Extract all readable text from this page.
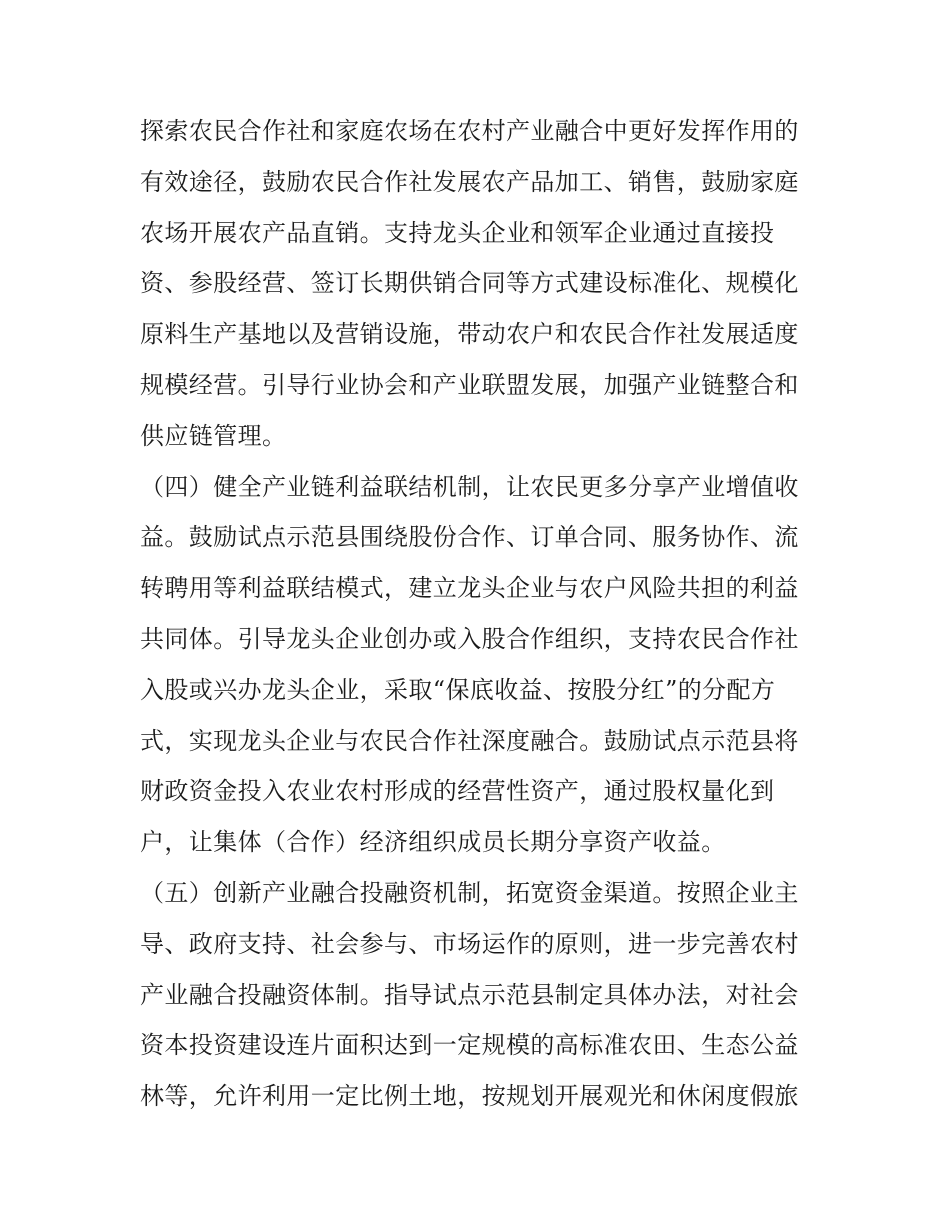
探索农民合作社和家庭农场在农村产业融合中更好发挥作用的
有效途径，鼓励农民合作社发展农产品加工、销售，鼓励家庭
农场开展农产品直销。支持龙头企业和领军企业通过直接投
资、参股经营、签订长期供销合同等方式建设标准化、规模化
原料生产基地以及营销设施，带动农户和农民合作社发展适度
规模经营。引导行业协会和产业联盟发展，加强产业链整合和
供应链管理。
（四）健全产业链利益联结机制，让农民更多分享产业增值收
益。鼓励试点示范县围绕股份合作、订单合同、服务协作、流
转聘用等利益联结模式，建立龙头企业与农户风险共担的利益
共同体。引导龙头企业创办或入股合作组织，支持农民合作社
入股或兴办龙头企业，采取“保底收益、按股分红”的分配方
式，实现龙头企业与农民合作社深度融合。鼓励试点示范县将
财政资金投入农业农村形成的经营性资产，通过股权量化到
户，让集体（合作）经济组织成员长期分享资产收益。
（五）创新产业融合投融资机制，拓宽资金渠道。按照企业主
导、政府支持、社会参与、市场运作的原则，进一步完善农村
产业融合投融资体制。指导试点示范县制定具体办法，对社会
资本投资建设连片面积达到一定规模的高标准农田、生态公益
林等，允许利用一定比例土地，按规划开展观光和休闲度假旅
